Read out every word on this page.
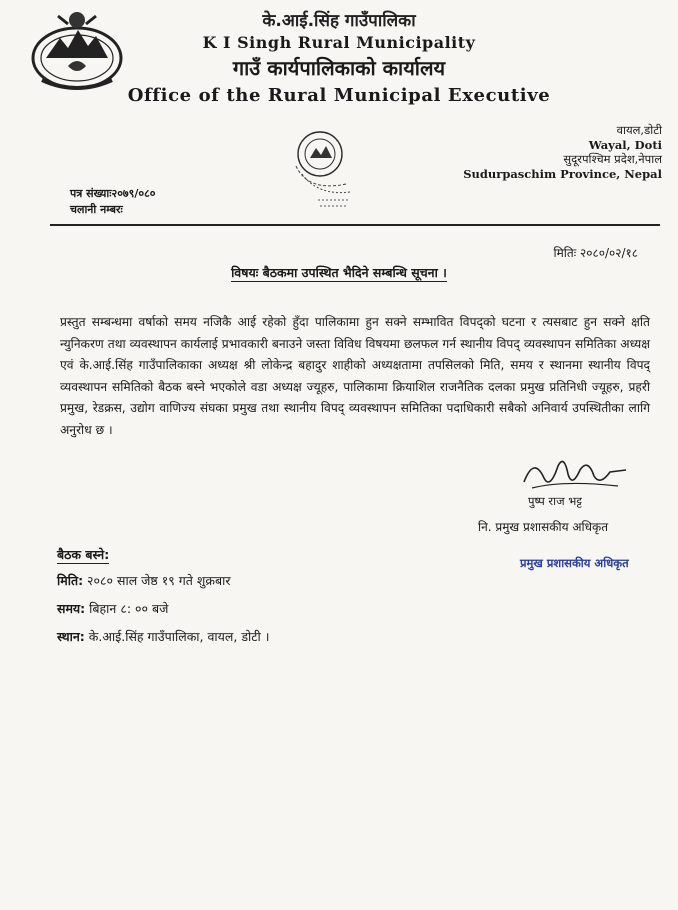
के.आई.सिंह गाउँपालिका
K I Singh Rural Municipality
गाउँ कार्यपालिकाको कार्यालय
Office of the Rural Municipal Executive
वायल,डोटी
Wayal, Doti
सुदूरपश्चिम प्रदेश,नेपाल
Sudurpaschim Province, Nepal
पत्र संख्याः२०७९/०८०
चलानी नम्बरः
मितिः २०८०/०२/१८
विषयः बैठकमा उपस्थित भैदिने सम्बन्धि सूचना ।
प्रस्तुत सम्बन्धमा वर्षाको समय नजिकै आई रहेको हुँदा पालिकामा हुन सक्ने सम्भावित विपद्को घटना र त्यसबाट हुन सक्ने क्षति न्युनिकरण तथा व्यवस्थापन कार्यलाई प्रभावकारी बनाउने जस्ता विविध विषयमा छलफल गर्न स्थानीय विपद् व्यवस्थापन समितिका अध्यक्ष एवं के.आई.सिंह गाउँपालिकाका अध्यक्ष श्री लोकेन्द्र बहादुर शाहीको अध्यक्षतामा तपसिलको मिति, समय र स्थानमा स्थानीय विपद् व्यवस्थापन समितिको बैठक बस्ने भएकोले वडा अध्यक्ष ज्यूहरु, पालिकामा क्रियाशिल राजनैतिक दलका प्रमुख प्रतिनिधी ज्यूहरु, प्रहरी प्रमुख, रेडक्रस, उद्योग वाणिज्य संघका प्रमुख तथा स्थानीय विपद् व्यवस्थापन समितिका पदाधिकारी सबैको अनिवार्य उपस्थितीका लागि अनुरोध छ ।
पुष्प राज भट्ट
नि. प्रमुख प्रशासकीय अधिकृत
प्रमुख प्रशासकीय अधिकृत
बैठक बस्ने:
मिति: २०८० साल जेष्ठ १९ गते शुक्रबार
समय: बिहान ८: ०० बजे
स्थान: के.आई.सिंह गाउँपालिका, वायल, डोटी ।
